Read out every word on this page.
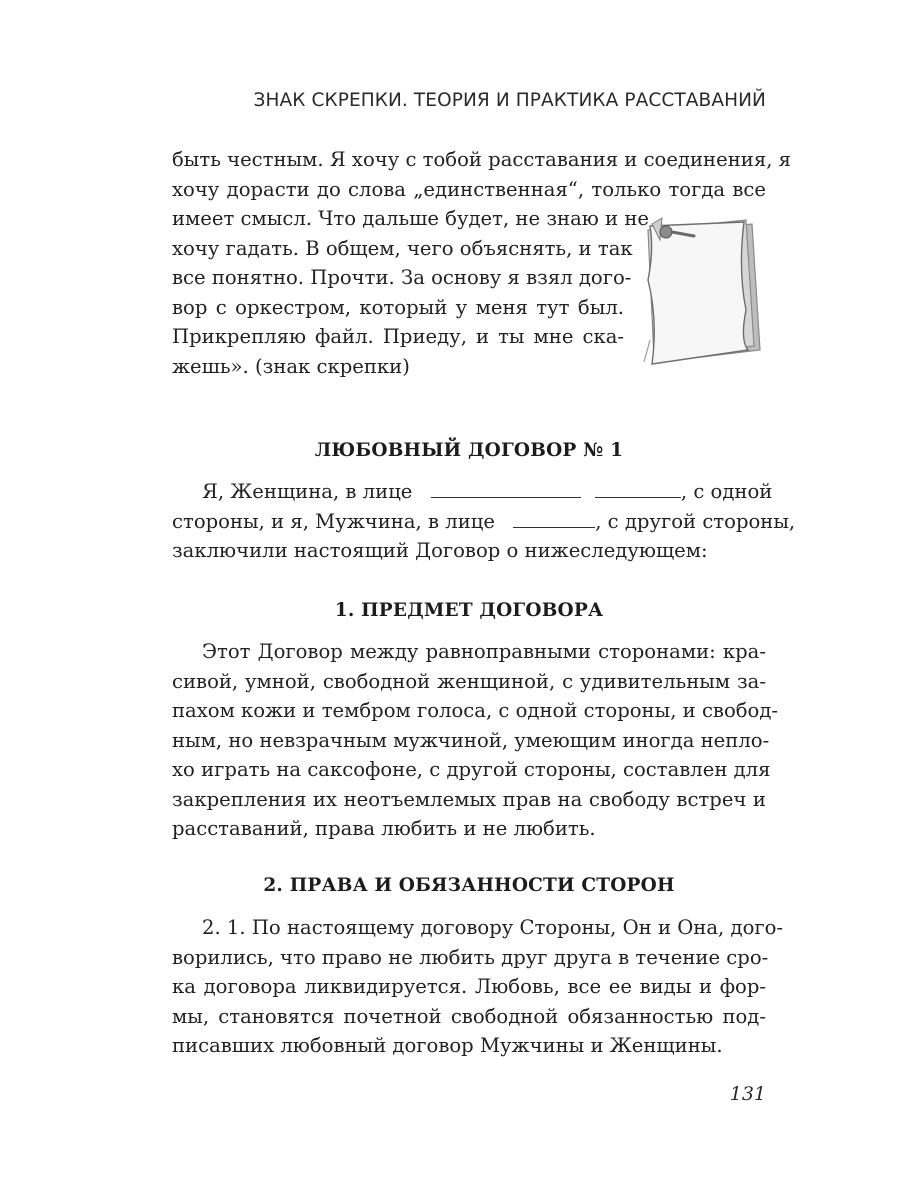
ЗНАК СКРЕПКИ. ТЕОРИЯ И ПРАКТИКА РАССТАВАНИЙ

быть честным. Я хочу с тобой расставания и соединения, я

хочу дорасти до слова „единственная“, только тогда все

имеет смысл. Что дальше будет, не знаю и не

хочу гадать. В общем, чего объяснять, и так

все понятно. Прочти. За основу я взял дого-

вор с оркестром, который у меня тут был.

Прикрепляю файл. Приеду, и ты мне ска-

жешь». (знак скрепки)

ЛЮБОВНЫЙ ДОГОВОР № 1

Я, Женщина, в лице	, с одной

стороны, и я, Мужчина, в лице	, с другой стороны,

заключили настоящий Договор о нижеследующем:

1. ПРЕДМЕТ ДОГОВОРА

Этот Договор между равноправными сторонами: кра-

сивой, умной, свободной женщиной, с удивительным за-

пахом кожи и тембром голоса, с одной стороны, и свобод-

ным, но невзрачным мужчиной, умеющим иногда непло-

хо играть на саксофоне, с другой стороны, составлен для

закрепления их неотъемлемых прав на свободу встреч и

расставаний, права любить и не любить.

2. ПРАВА И ОБЯЗАННОСТИ СТОРОН

2. 1. По настоящему договору Стороны, Он и Она, дого-

ворились, что право не любить друг друга в течение сро-

ка договора ликвидируется. Любовь, все ее виды и фор-

мы, становятся почетной свободной обязанностью под-

писавших любовный договор Мужчины и Женщины.

131
